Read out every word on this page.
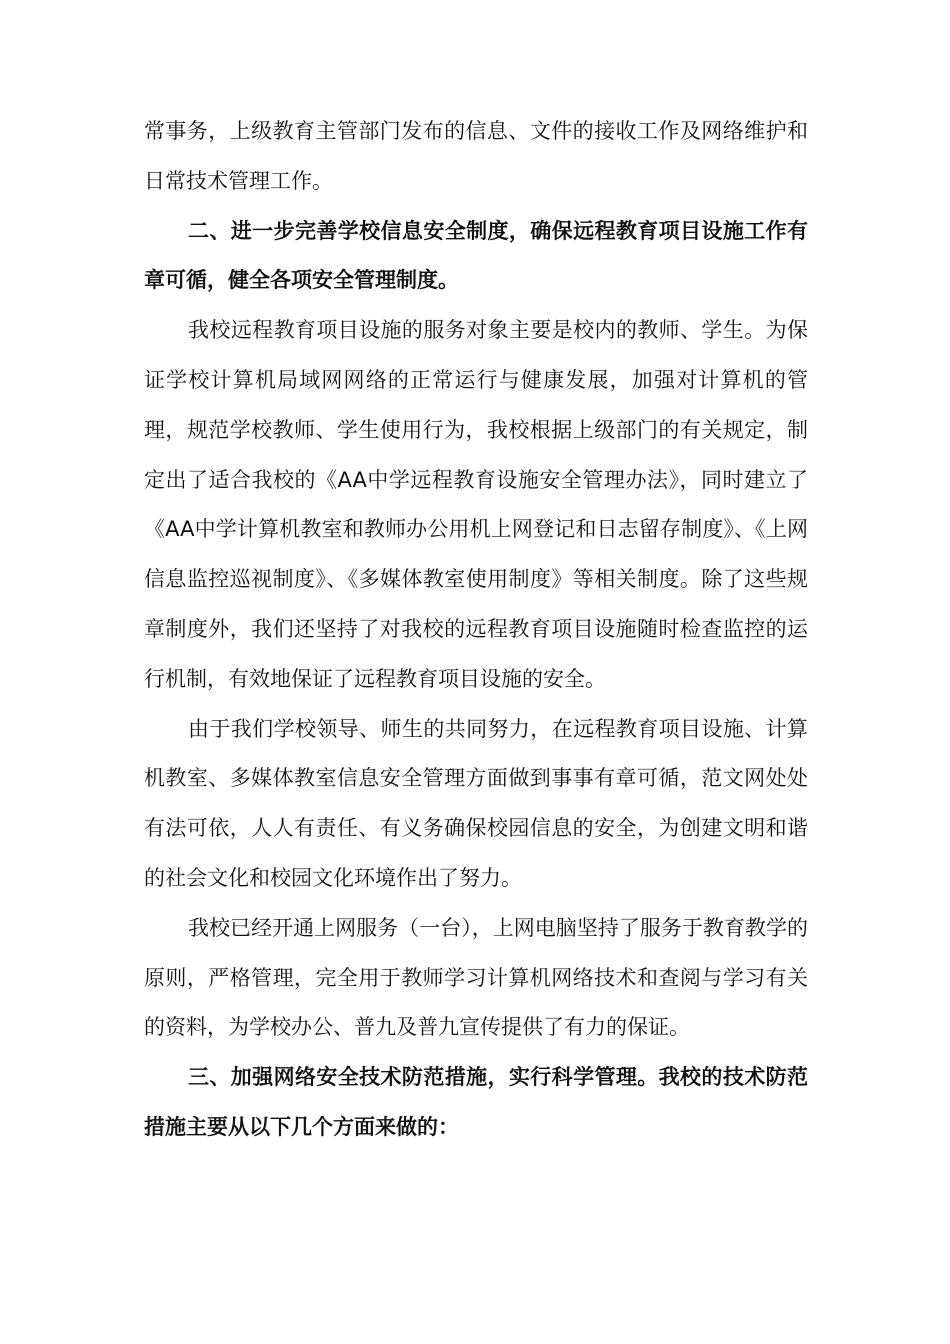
常事务，上级教育主管部门发布的信息、文件的接收工作及网络维护和日常技术管理工作。

二、进一步完善学校信息安全制度，确保远程教育项目设施工作有章可循，健全各项安全管理制度。

我校远程教育项目设施的服务对象主要是校内的教师、学生。为保证学校计算机局域网网络的正常运行与健康发展，加强对计算机的管理，规范学校教师、学生使用行为，我校根据上级部门的有关规定，制定出了适合我校的《AA中学远程教育设施安全管理办法》，同时建立了《AA中学计算机教室和教师办公用机上网登记和日志留存制度》、《上网信息监控巡视制度》、《多媒体教室使用制度》等相关制度。除了这些规章制度外，我们还坚持了对我校的远程教育项目设施随时检查监控的运行机制，有效地保证了远程教育项目设施的安全。

由于我们学校领导、师生的共同努力，在远程教育项目设施、计算机教室、多媒体教室信息安全管理方面做到事事有章可循，范文网处处有法可依，人人有责任、有义务确保校园信息的安全，为创建文明和谐的社会文化和校园文化环境作出了努力。

我校已经开通上网服务（一台），上网电脑坚持了服务于教育教学的原则，严格管理，完全用于教师学习计算机网络技术和查阅与学习有关的资料，为学校办公、普九及普九宣传提供了有力的保证。

三、加强网络安全技术防范措施，实行科学管理。我校的技术防范措施主要从以下几个方面来做的：
